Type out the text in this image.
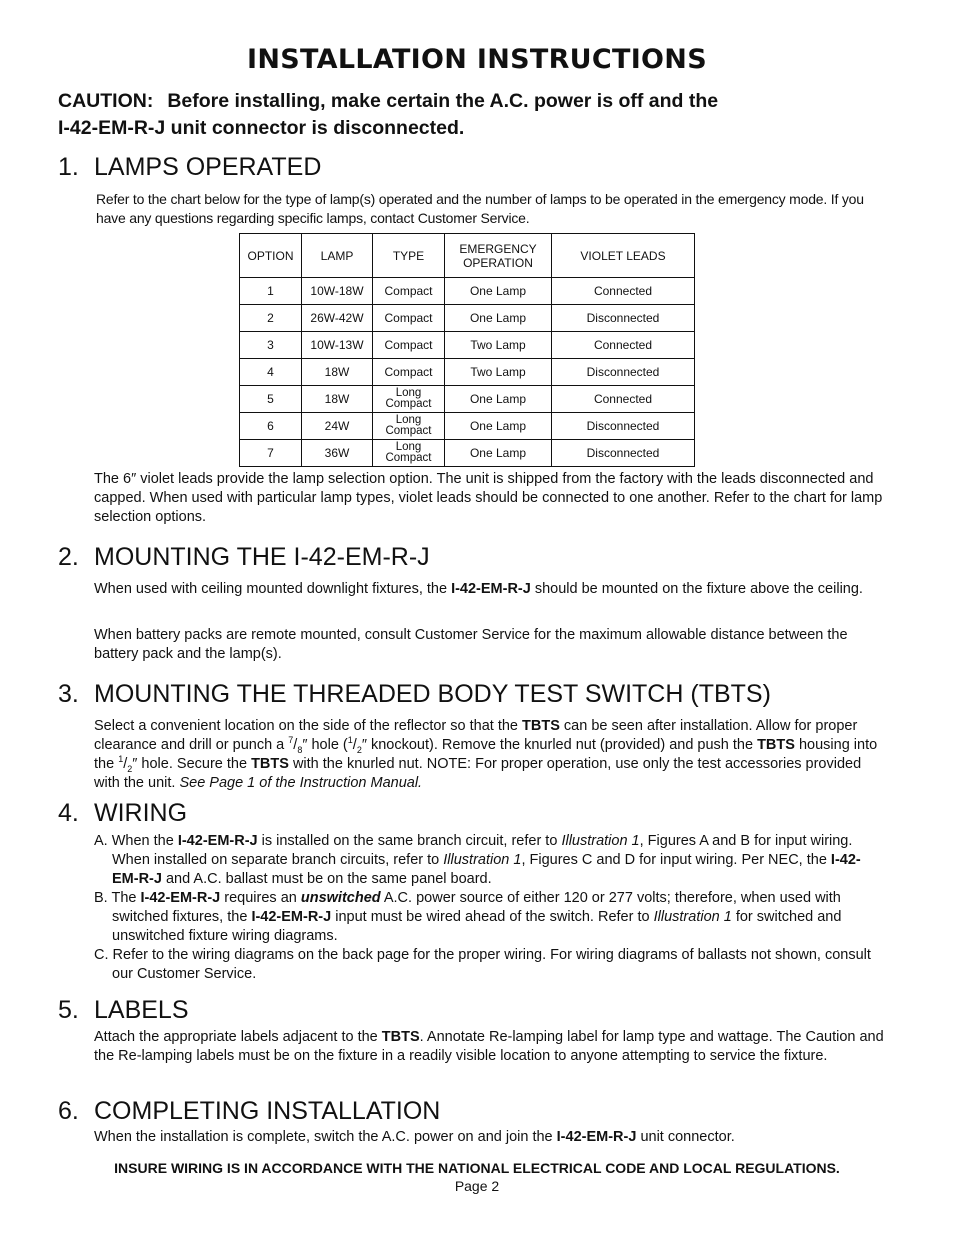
INSTALLATION INSTRUCTIONS
CAUTION: Before installing, make certain the A.C. power is off and the
I-42-EM-R-J unit connector is disconnected.
1. LAMPS OPERATED
Refer to the chart below for the type of lamp(s) operated and the number of lamps to be operated in the emergency mode. If you have any questions regarding specific lamps, contact Customer Service.
OPTION	LAMP	TYPE	EMERGENCY OPERATION	VIOLET LEADS
1	10W-18W	Compact	One Lamp	Connected
2	26W-42W	Compact	One Lamp	Disconnected
3	10W-13W	Compact	Two Lamp	Connected
4	18W	Compact	Two Lamp	Disconnected
5	18W	Long Compact	One Lamp	Connected
6	24W	Long Compact	One Lamp	Disconnected
7	36W	Long Compact	One Lamp	Disconnected
The 6″ violet leads provide the lamp selection option. The unit is shipped from the factory with the leads disconnected and capped. When used with particular lamp types, violet leads should be connected to one another. Refer to the chart for lamp selection options.
2. MOUNTING THE I-42-EM-R-J
When used with ceiling mounted downlight fixtures, the I-42-EM-R-J should be mounted on the fixture above the ceiling.
When battery packs are remote mounted, consult Customer Service for the maximum allowable distance between the battery pack and the lamp(s).
3. MOUNTING THE THREADED BODY TEST SWITCH (TBTS)
Select a convenient location on the side of the reflector so that the TBTS can be seen after installation. Allow for proper clearance and drill or punch a $^7/_8''$ hole ($^1/_2''$ knockout). Remove the knurled nut (provided) and push the TBTS housing into the $^1/_2''$ hole. Secure the TBTS with the knurled nut. NOTE: For proper operation, use only the test accessories provided with the unit. See Page 1 of the Instruction Manual.
4. WIRING
A. When the I-42-EM-R-J is installed on the same branch circuit, refer to Illustration 1, Figures A and B for input wiring. When installed on separate branch circuits, refer to Illustration 1, Figures C and D for input wiring. Per NEC, the I-42-EM-R-J and A.C. ballast must be on the same panel board.
B. The I-42-EM-R-J requires an unswitched A.C. power source of either 120 or 277 volts; therefore, when used with switched fixtures, the I-42-EM-R-J input must be wired ahead of the switch. Refer to Illustration 1 for switched and unswitched fixture wiring diagrams.
C. Refer to the wiring diagrams on the back page for the proper wiring. For wiring diagrams of ballasts not shown, consult our Customer Service.
5. LABELS
Attach the appropriate labels adjacent to the TBTS. Annotate Re-lamping label for lamp type and wattage. The Caution and the Re-lamping labels must be on the fixture in a readily visible location to anyone attempting to service the fixture.
6. COMPLETING INSTALLATION
When the installation is complete, switch the A.C. power on and join the I-42-EM-R-J unit connector.
INSURE WIRING IS IN ACCORDANCE WITH THE NATIONAL ELECTRICAL CODE AND LOCAL REGULATIONS.
Page 2
